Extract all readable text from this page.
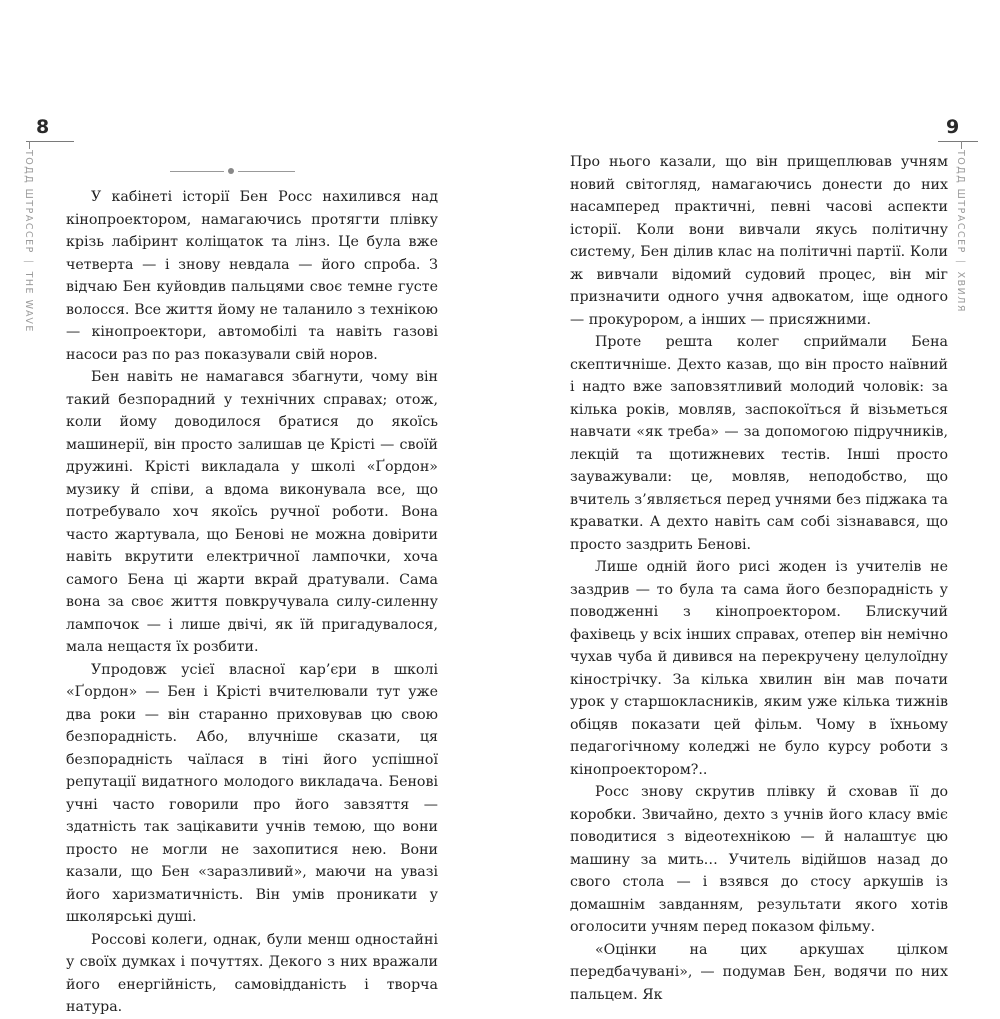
8
ТОДД ШТРАССЕР | THE WAVE

У кабінеті історії Бен Росс нахилився над кінопроектором, намагаючись протягти плівку крізь лабіринт коліщаток та лінз. Це була вже четверта — і знову невдала — його спроба. З відчаю Бен куйовдив пальцями своє темне густе волосся. Все життя йому не таланило з технікою — кінопроектори, автомобілі та навіть газові насоси раз по раз показували свій норов.

Бен навіть не намагався збагнути, чому він такий безпорадний у технічних справах; отож, коли йому доводилося братися до якоїсь машинерії, він просто залишав це Крісті — своїй дружині. Крісті викладала у школі «Ґордон» музику й співи, а вдома виконувала все, що потребувало хоч якоїсь ручної роботи. Вона часто жартувала, що Бенові не можна довірити навіть вкрутити електричної лампочки, хоча самого Бена ці жарти вкрай дратували. Сама вона за своє життя повкручувала силу-силенну лампочок — і лише двічі, як їй пригадувалося, мала нещастя їх розбити.

Упродовж усієї власної кар’єри в школі «Ґордон» — Бен і Крісті вчителювали тут уже два роки — він старанно приховував цю свою безпорадність. Або, влучніше сказати, ця безпорадність чаїлася в тіні його успішної репутації видатного молодого викладача. Бенові учні часто говорили про його завзяття — здатність так зацікавити учнів темою, що вони просто не могли не захопитися нею. Вони казали, що Бен «заразливий», маючи на увазі його харизматичність. Він умів проникати у школярські душі.

Россові колеги, однак, були менш одностайні у своїх думках і почуттях. Декого з них вражали його енергійність, самовідданість і творча натура.

9
ТОДД ШТРАССЕР | ХВИЛЯ

Про нього казали, що він прищеплював учням новий світогляд, намагаючись донести до них насамперед практичні, певні часові аспекти історії. Коли вони вивчали якусь політичну систему, Бен ділив клас на політичні партії. Коли ж вивчали відомий судовий процес, він міг призначити одного учня адвокатом, іще одного — прокурором, а інших — присяжними.

Проте решта колег сприймали Бена скептичніше. Дехто казав, що він просто наївний і надто вже заповзятливий молодий чоловік: за кілька років, мовляв, заспокоїться й візьметься навчати «як треба» — за допомогою підручників, лекцій та щотижневих тестів. Інші просто зауважували: це, мовляв, неподобство, що вчитель з’являється перед учнями без піджака та краватки. А дехто навіть сам собі зізнавався, що просто заздрить Бенові.

Лише одній його рисі жоден із учителів не заздрив — то була та сама його безпорадність у поводженні з кінопроектором. Блискучий фахівець у всіх інших справах, отепер він немічно чухав чуба й дивився на перекручену целулоїдну кінострічку. За кілька хвилин він мав почати урок у старшокласників, яким уже кілька тижнів обіцяв показати цей фільм. Чому в їхньому педагогічному коледжі не було курсу роботи з кінопроектором?..

Росс знову скрутив плівку й сховав її до коробки. Звичайно, дехто з учнів його класу вміє поводитися з відеотехнікою — й налаштує цю машину за мить… Учитель відійшов назад до свого стола — і взявся до стосу аркушів із домашнім завданням, результати якого хотів оголосити учням перед показом фільму.

«Оцінки на цих аркушах цілком передбачувані», — подумав Бен, водячи по них пальцем. Як
